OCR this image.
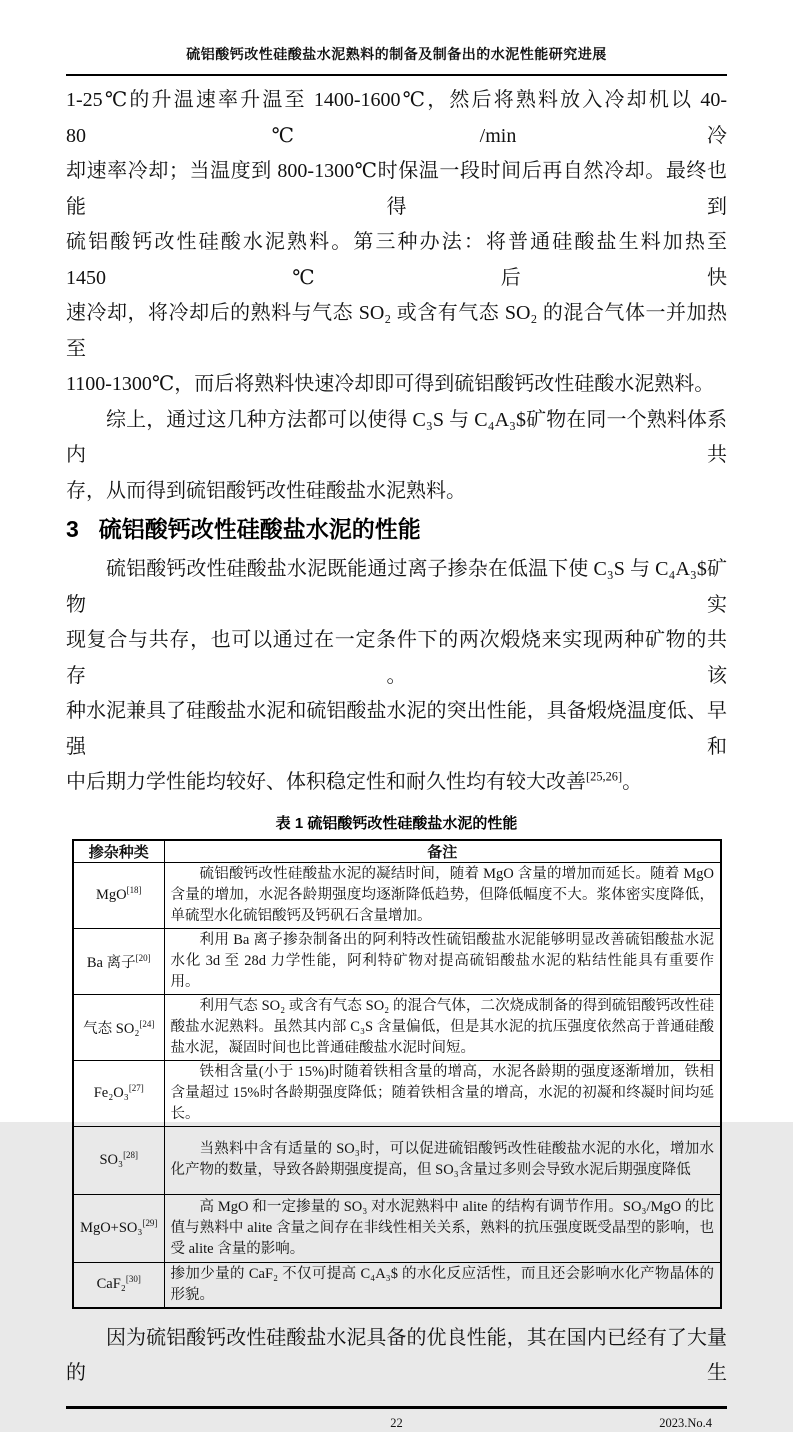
硫铝酸钙改性硅酸盐水泥熟料的制备及制备出的水泥性能研究进展
1-25℃的升温速率升温至 1400-1600℃，然后将熟料放入冷却机以 40-80℃/min 冷
却速率冷却；当温度到 800-1300℃时保温一段时间后再自然冷却。最终也能得到
硫铝酸钙改性硅酸水泥熟料。第三种办法：将普通硅酸盐生料加热至 1450℃后快
速冷却，将冷却后的熟料与气态 SO₂ 或含有气态 SO₂ 的混合气体一并加热至
1100-1300℃，而后将熟料快速冷却即可得到硫铝酸钙改性硅酸水泥熟料。
综上，通过这几种方法都可以使得 C₃S 与 C₄A₃$矿物在同一个熟料体系内共
存，从而得到硫铝酸钙改性硅酸盐水泥熟料。
3 硫铝酸钙改性硅酸盐水泥的性能
硫铝酸钙改性硅酸盐水泥既能通过离子掺杂在低温下使 C₃S 与 C₄A₃$矿物实
现复合与共存，也可以通过在一定条件下的两次煅烧来实现两种矿物的共存。该
种水泥兼具了硅酸盐水泥和硫铝酸盐水泥的突出性能，具备煅烧温度低、早强和
中后期力学性能均较好、体积稳定性和耐久性均有较大改善[25,26]。
表 1 硫铝酸钙改性硅酸盐水泥的性能
掺杂种类	备注
MgO[18]	硫铝酸钙改性硅酸盐水泥的凝结时间，随着 MgO 含量的增加而延长。随着 MgO 含量的增加，水泥各龄期强度均逐渐降低趋势，但降低幅度不大。浆体密实度降低，单硫型水化硫铝酸钙及钙矾石含量增加。
Ba 离子[20]	利用 Ba 离子掺杂制备出的阿利特改性硫铝酸盐水泥能够明显改善硫铝酸盐水泥水化 3d 至 28d 力学性能，阿利特矿物对提高硫铝酸盐水泥的粘结性能具有重要作用。
气态 SO₂[24]	利用气态 SO₂ 或含有气态 SO₂ 的混合气体，二次烧成制备的得到硫铝酸钙改性硅酸盐水泥熟料。虽然其内部 C₃S 含量偏低，但是其水泥的抗压强度依然高于普通硅酸盐水泥，凝固时间也比普通硅酸盐水泥时间短。
Fe₂O₃[27]	铁相含量(小于 15%)时随着铁相含量的增高，水泥各龄期的强度逐渐增加，铁相含量超过 15%时各龄期强度降低；随着铁相含量的增高，水泥的初凝和终凝时间均延长。
SO₃[28]	当熟料中含有适量的 SO₃时，可以促进硫铝酸钙改性硅酸盐水泥的水化，增加水化产物的数量，导致各龄期强度提高，但 SO₃含量过多则会导致水泥后期强度降低
MgO+SO₃[29]	高 MgO 和一定掺量的 SO₃ 对水泥熟料中 alite 的结构有调节作用。SO₃/MgO 的比值与熟料中 alite 含量之间存在非线性相关关系，熟料的抗压强度既受晶型的影响，也受 alite 含量的影响。
CaF₂[30]	掺加少量的 CaF₂ 不仅可提高 C₄A₃$ 的水化反应活性，而且还会影响水化产物晶体的形貌。
因为硫铝酸钙改性硅酸盐水泥具备的优良性能，其在国内已经有了大量的生
22	2023.No.4
